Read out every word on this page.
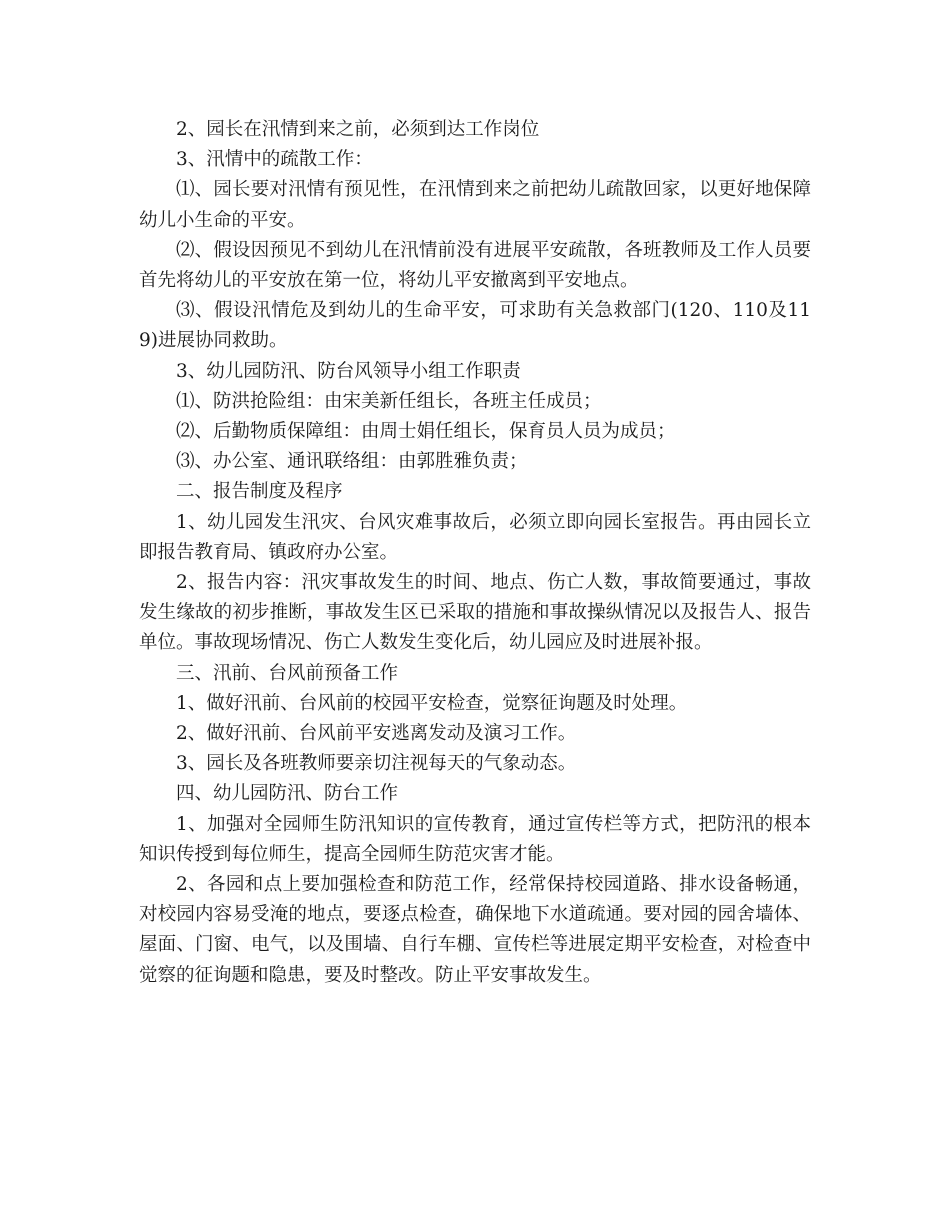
2、园长在汛情到来之前，必须到达工作岗位

3、汛情中的疏散工作：

⑴、园长要对汛情有预见性，在汛情到来之前把幼儿疏散回家，以更好地保障幼儿小生命的平安。

⑵、假设因预见不到幼儿在汛情前没有进展平安疏散，各班教师及工作人员要首先将幼儿的平安放在第一位，将幼儿平安撤离到平安地点。

⑶、假设汛情危及到幼儿的生命平安，可求助有关急救部门(120、110及119)进展协同救助。

3、幼儿园防汛、防台风领导小组工作职责

⑴、防洪抢险组：由宋美新任组长，各班主任成员；

⑵、后勤物质保障组：由周士娟任组长，保育员人员为成员；

⑶、办公室、通讯联络组：由郭胜雅负责；

二、报告制度及程序

1、幼儿园发生汛灾、台风灾难事故后，必须立即向园长室报告。再由园长立即报告教育局、镇政府办公室。

2、报告内容：汛灾事故发生的时间、地点、伤亡人数，事故简要通过，事故发生缘故的初步推断，事故发生区已采取的措施和事故操纵情况以及报告人、报告单位。事故现场情况、伤亡人数发生变化后，幼儿园应及时进展补报。

三、汛前、台风前预备工作

1、做好汛前、台风前的校园平安检查，觉察征询题及时处理。

2、做好汛前、台风前平安逃离发动及演习工作。

3、园长及各班教师要亲切注视每天的气象动态。

四、幼儿园防汛、防台工作

1、加强对全园师生防汛知识的宣传教育，通过宣传栏等方式，把防汛的根本知识传授到每位师生，提高全园师生防范灾害才能。

2、各园和点上要加强检查和防范工作，经常保持校园道路、排水设备畅通，对校园内容易受淹的地点，要逐点检查，确保地下水道疏通。要对园的园舍墙体、屋面、门窗、电气，以及围墙、自行车棚、宣传栏等进展定期平安检查，对检查中觉察的征询题和隐患，要及时整改。防止平安事故发生。
